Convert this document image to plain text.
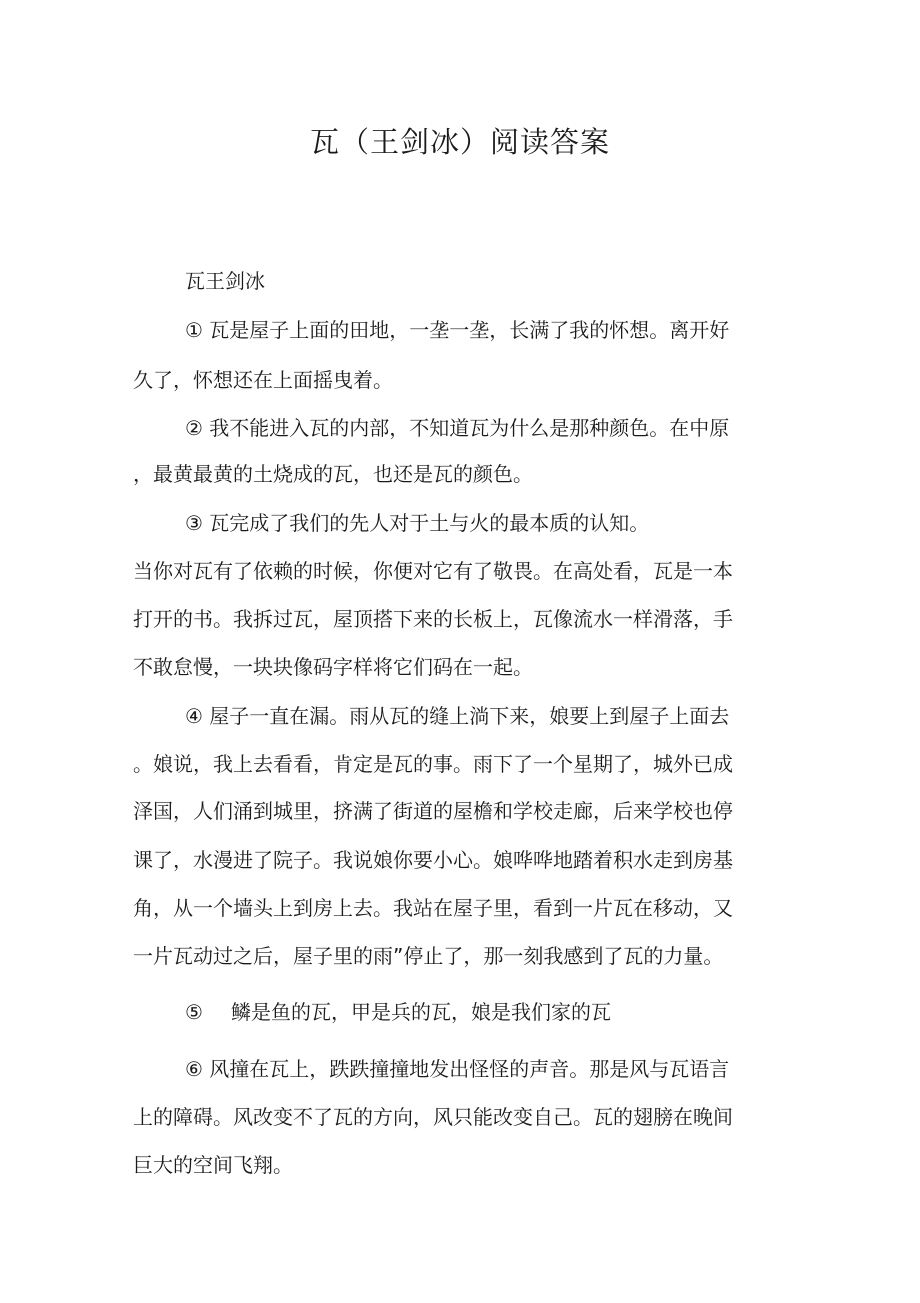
瓦（王剑冰）阅读答案

瓦王剑冰

① 瓦是屋子上面的田地，一垄一垄，长满了我的怀想。离开好

久了，怀想还在上面摇曳着。

② 我不能进入瓦的内部，不知道瓦为什么是那种颜色。在中原

，最黄最黄的土烧成的瓦，也还是瓦的颜色。

③ 瓦完成了我们的先人对于土与火的最本质的认知。

当你对瓦有了依赖的时候，你便对它有了敬畏。在高处看，瓦是一本

打开的书。我拆过瓦，屋顶搭下来的长板上，瓦像流水一样滑落，手

不敢怠慢，一块块像码字样将它们码在一起。

④ 屋子一直在漏。雨从瓦的缝上淌下来，娘要上到屋子上面去

。娘说，我上去看看，肯定是瓦的事。雨下了一个星期了，城外已成

泽国，人们涌到城里，挤满了街道的屋檐和学校走廊，后来学校也停

课了，水漫进了院子。我说娘你要小心。娘哗哗地踏着积水走到房基

角，从一个墙头上到房上去。我站在屋子里，看到一片瓦在移动，又

一片瓦动过之后，屋子里的雨”停止了，那一刻我感到了瓦的力量。

⑤ 鳞是鱼的瓦，甲是兵的瓦，娘是我们家的瓦

⑥ 风撞在瓦上，跌跌撞撞地发出怪怪的声音。那是风与瓦语言

上的障碍。风改变不了瓦的方向，风只能改变自己。瓦的翅膀在晚间

巨大的空间飞翔。
